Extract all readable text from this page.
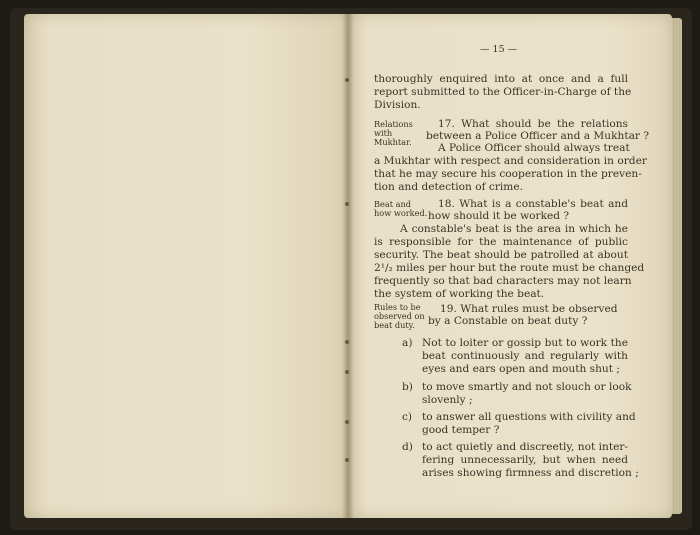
— 15 —
thoroughly enquired into at once and a full
report submitted to the Officer-in-Charge of the
Division.
Relations
with
Mukhtar.
17. What should be the relations
between a Police Officer and a Mukhtar ?
A Police Officer should always treat
a Mukhtar with respect and consideration in order
that he may secure his cooperation in the preven-
tion and detection of crime.
Beat and
how worked.
18. What is a constable's beat and
how should it be worked ?
A constable's beat is the area in which he
is responsible for the maintenance of public
security. The beat should be patrolled at about
2¹/₂ miles per hour but the route must be changed
frequently so that bad characters may not learn
the system of working the beat.
Rules to be
observed on
beat duty.
19. What rules must be observed
by a Constable on beat duty ?
a) Not to loiter or gossip but to work the
beat continuously and regularly with
eyes and ears open and mouth shut ;
b) to move smartly and not slouch or look
slovenly ;
c) to answer all questions with civility and
good temper ?
d) to act quietly and discreetly, not inter-
fering unnecessarily, but when need
arises showing firmness and discretion ;
